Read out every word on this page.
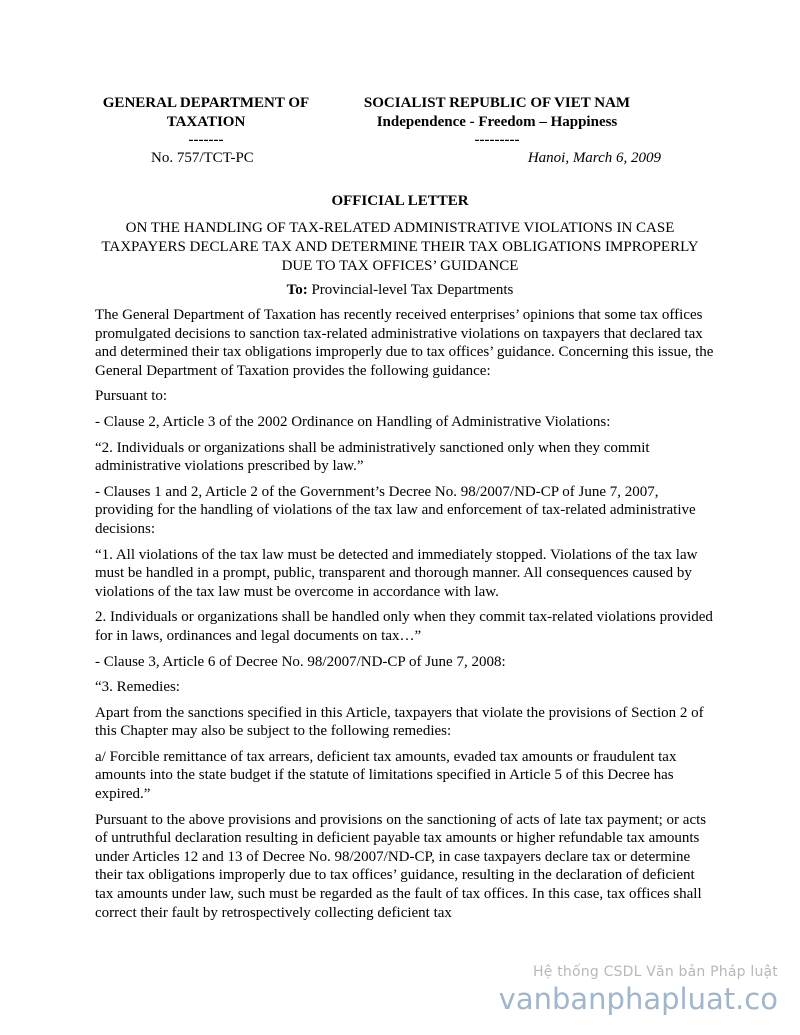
GENERAL DEPARTMENT OF
TAXATION
-------
SOCIALIST REPUBLIC OF VIET NAM
Independence - Freedom – Happiness
---------
No. 757/TCT-PC	Hanoi, March 6, 2009
OFFICIAL LETTER
ON THE HANDLING OF TAX-RELATED ADMINISTRATIVE VIOLATIONS IN CASE TAXPAYERS DECLARE TAX AND DETERMINE THEIR TAX OBLIGATIONS IMPROPERLY DUE TO TAX OFFICES’ GUIDANCE
To: Provincial-level Tax Departments

The General Department of Taxation has recently received enterprises’ opinions that some tax offices promulgated decisions to sanction tax-related administrative violations on taxpayers that declared tax and determined their tax obligations improperly due to tax offices’ guidance. Concerning this issue, the General Department of Taxation provides the following guidance:

Pursuant to:

- Clause 2, Article 3 of the 2002 Ordinance on Handling of Administrative Violations:

“2. Individuals or organizations shall be administratively sanctioned only when they commit administrative violations prescribed by law.”

- Clauses 1 and 2, Article 2 of the Government’s Decree No. 98/2007/ND-CP of June 7, 2007, providing for the handling of violations of the tax law and enforcement of tax-related administrative decisions:

“1. All violations of the tax law must be detected and immediately stopped. Violations of the tax law must be handled in a prompt, public, transparent and thorough manner. All consequences caused by violations of the tax law must be overcome in accordance with law.

2. Individuals or organizations shall be handled only when they commit tax-related violations provided for in laws, ordinances and legal documents on tax…”

- Clause 3, Article 6 of Decree No. 98/2007/ND-CP of June 7, 2008:

“3. Remedies:

Apart from the sanctions specified in this Article, taxpayers that violate the provisions of Section 2 of this Chapter may also be subject to the following remedies:

a/ Forcible remittance of tax arrears, deficient tax amounts, evaded tax amounts or fraudulent tax amounts into the state budget if the statute of limitations specified in Article 5 of this Decree has expired.”

Pursuant to the above provisions and provisions on the sanctioning of acts of late tax payment; or acts of untruthful declaration resulting in deficient payable tax amounts or higher refundable tax amounts under Articles 12 and 13 of Decree No. 98/2007/ND-CP, in case taxpayers declare tax or determine their tax obligations improperly due to tax offices’ guidance, resulting in the declaration of deficient tax amounts under law, such must be regarded as the fault of tax offices. In this case, tax offices shall correct their fault by retrospectively collecting deficient tax

Hệ thống CSDL Văn bản Pháp luật
vanbanphapluat.co
